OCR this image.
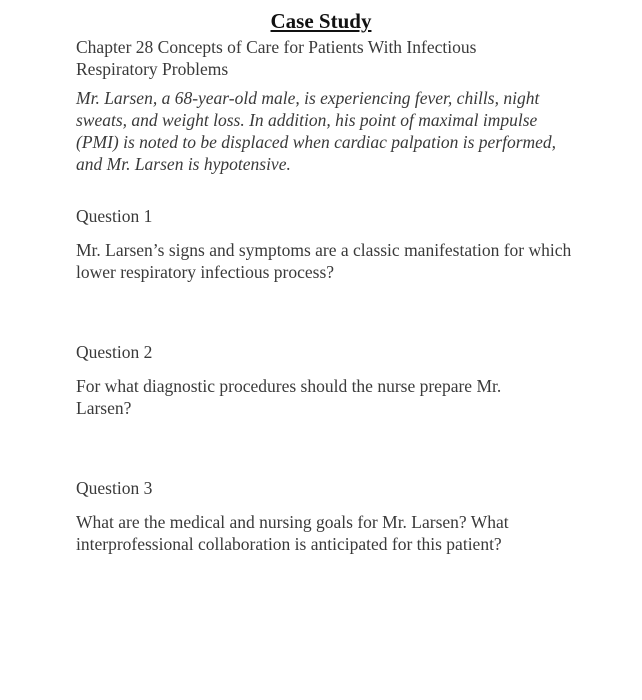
Case Study
Chapter 28 Concepts of Care for Patients With Infectious Respiratory Problems
Mr. Larsen, a 68-year-old male, is experiencing fever, chills, night sweats, and weight loss. In addition, his point of maximal impulse (PMI) is noted to be displaced when cardiac palpation is performed, and Mr. Larsen is hypotensive.
Question 1
Mr. Larsen’s signs and symptoms are a classic manifestation for which lower respiratory infectious process?
Question 2
For what diagnostic procedures should the nurse prepare Mr. Larsen?
Question 3
What are the medical and nursing goals for Mr. Larsen? What interprofessional collaboration is anticipated for this patient?
